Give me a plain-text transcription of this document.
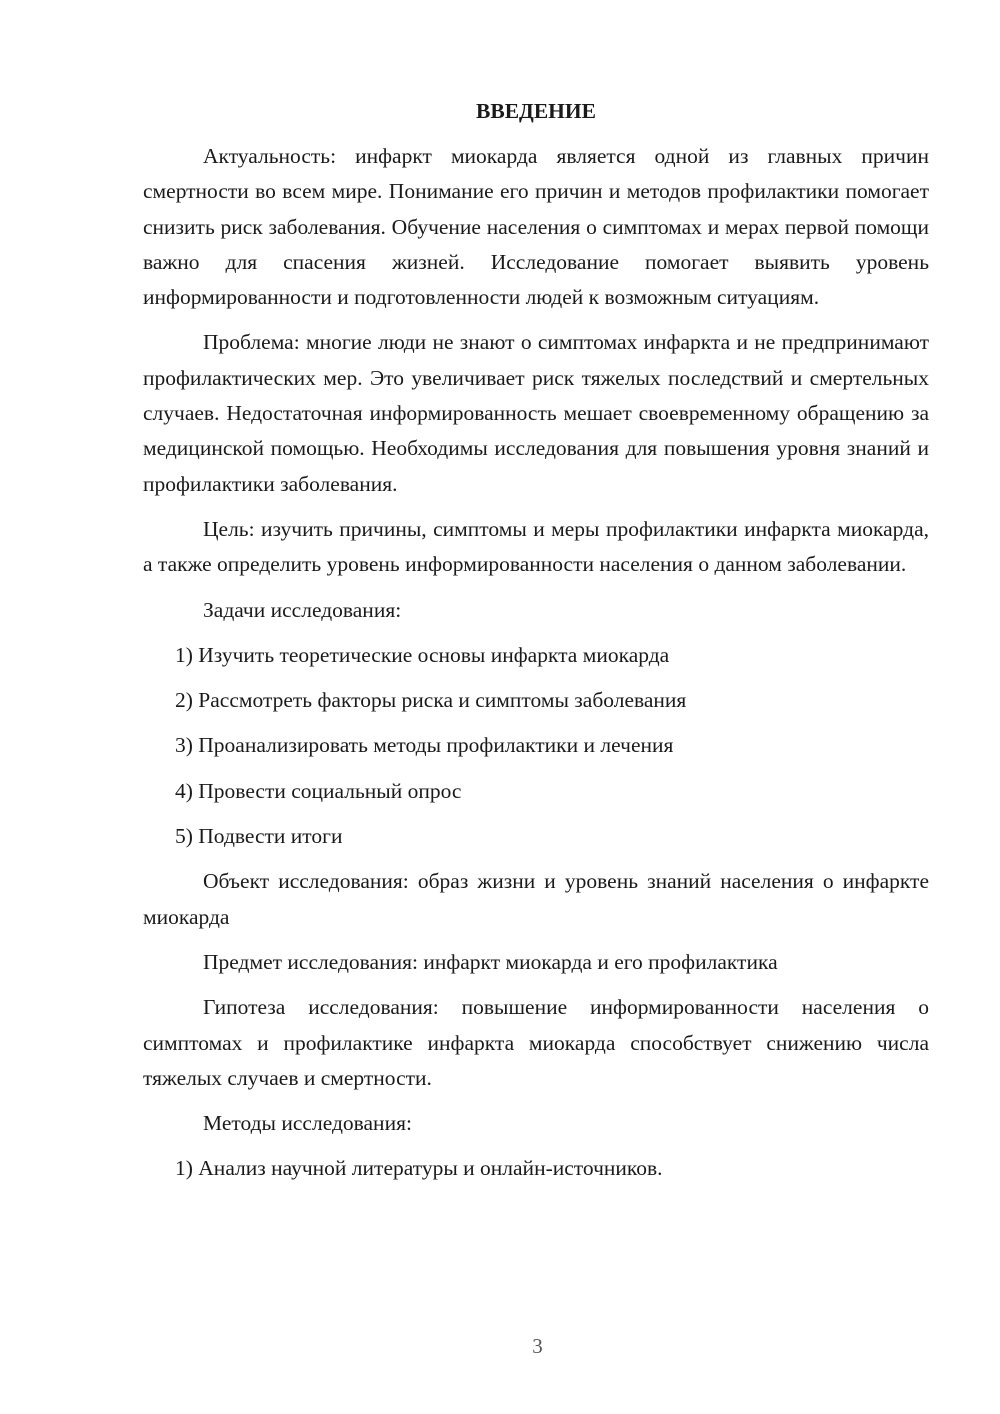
ВВЕДЕНИЕ

Актуальность: инфаркт миокарда является одной из главных причин смертности во всем мире. Понимание его причин и методов профилактики помогает снизить риск заболевания. Обучение населения о симптомах и мерах первой помощи важно для спасения жизней. Исследование помогает выявить уровень информированности и подготовленности людей к возможным ситуациям.

Проблема: многие люди не знают о симптомах инфаркта и не предпринимают профилактических мер. Это увеличивает риск тяжелых последствий и смертельных случаев. Недостаточная информированность мешает своевременному обращению за медицинской помощью. Необходимы исследования для повышения уровня знаний и профилактики заболевания.

Цель: изучить причины, симптомы и меры профилактики инфаркта миокарда, а также определить уровень информированности населения о данном заболевании.

Задачи исследования:
1) Изучить теоретические основы инфаркта миокарда
2) Рассмотреть факторы риска и симптомы заболевания
3) Проанализировать методы профилактики и лечения
4) Провести социальный опрос
5) Подвести итоги

Объект исследования: образ жизни и уровень знаний населения о инфаркте миокарда

Предмет исследования: инфаркт миокарда и его профилактика

Гипотеза исследования: повышение информированности населения о симптомах и профилактике инфаркта миокарда способствует снижению числа тяжелых случаев и смертности.

Методы исследования:
1) Анализ научной литературы и онлайн-источников.
3
